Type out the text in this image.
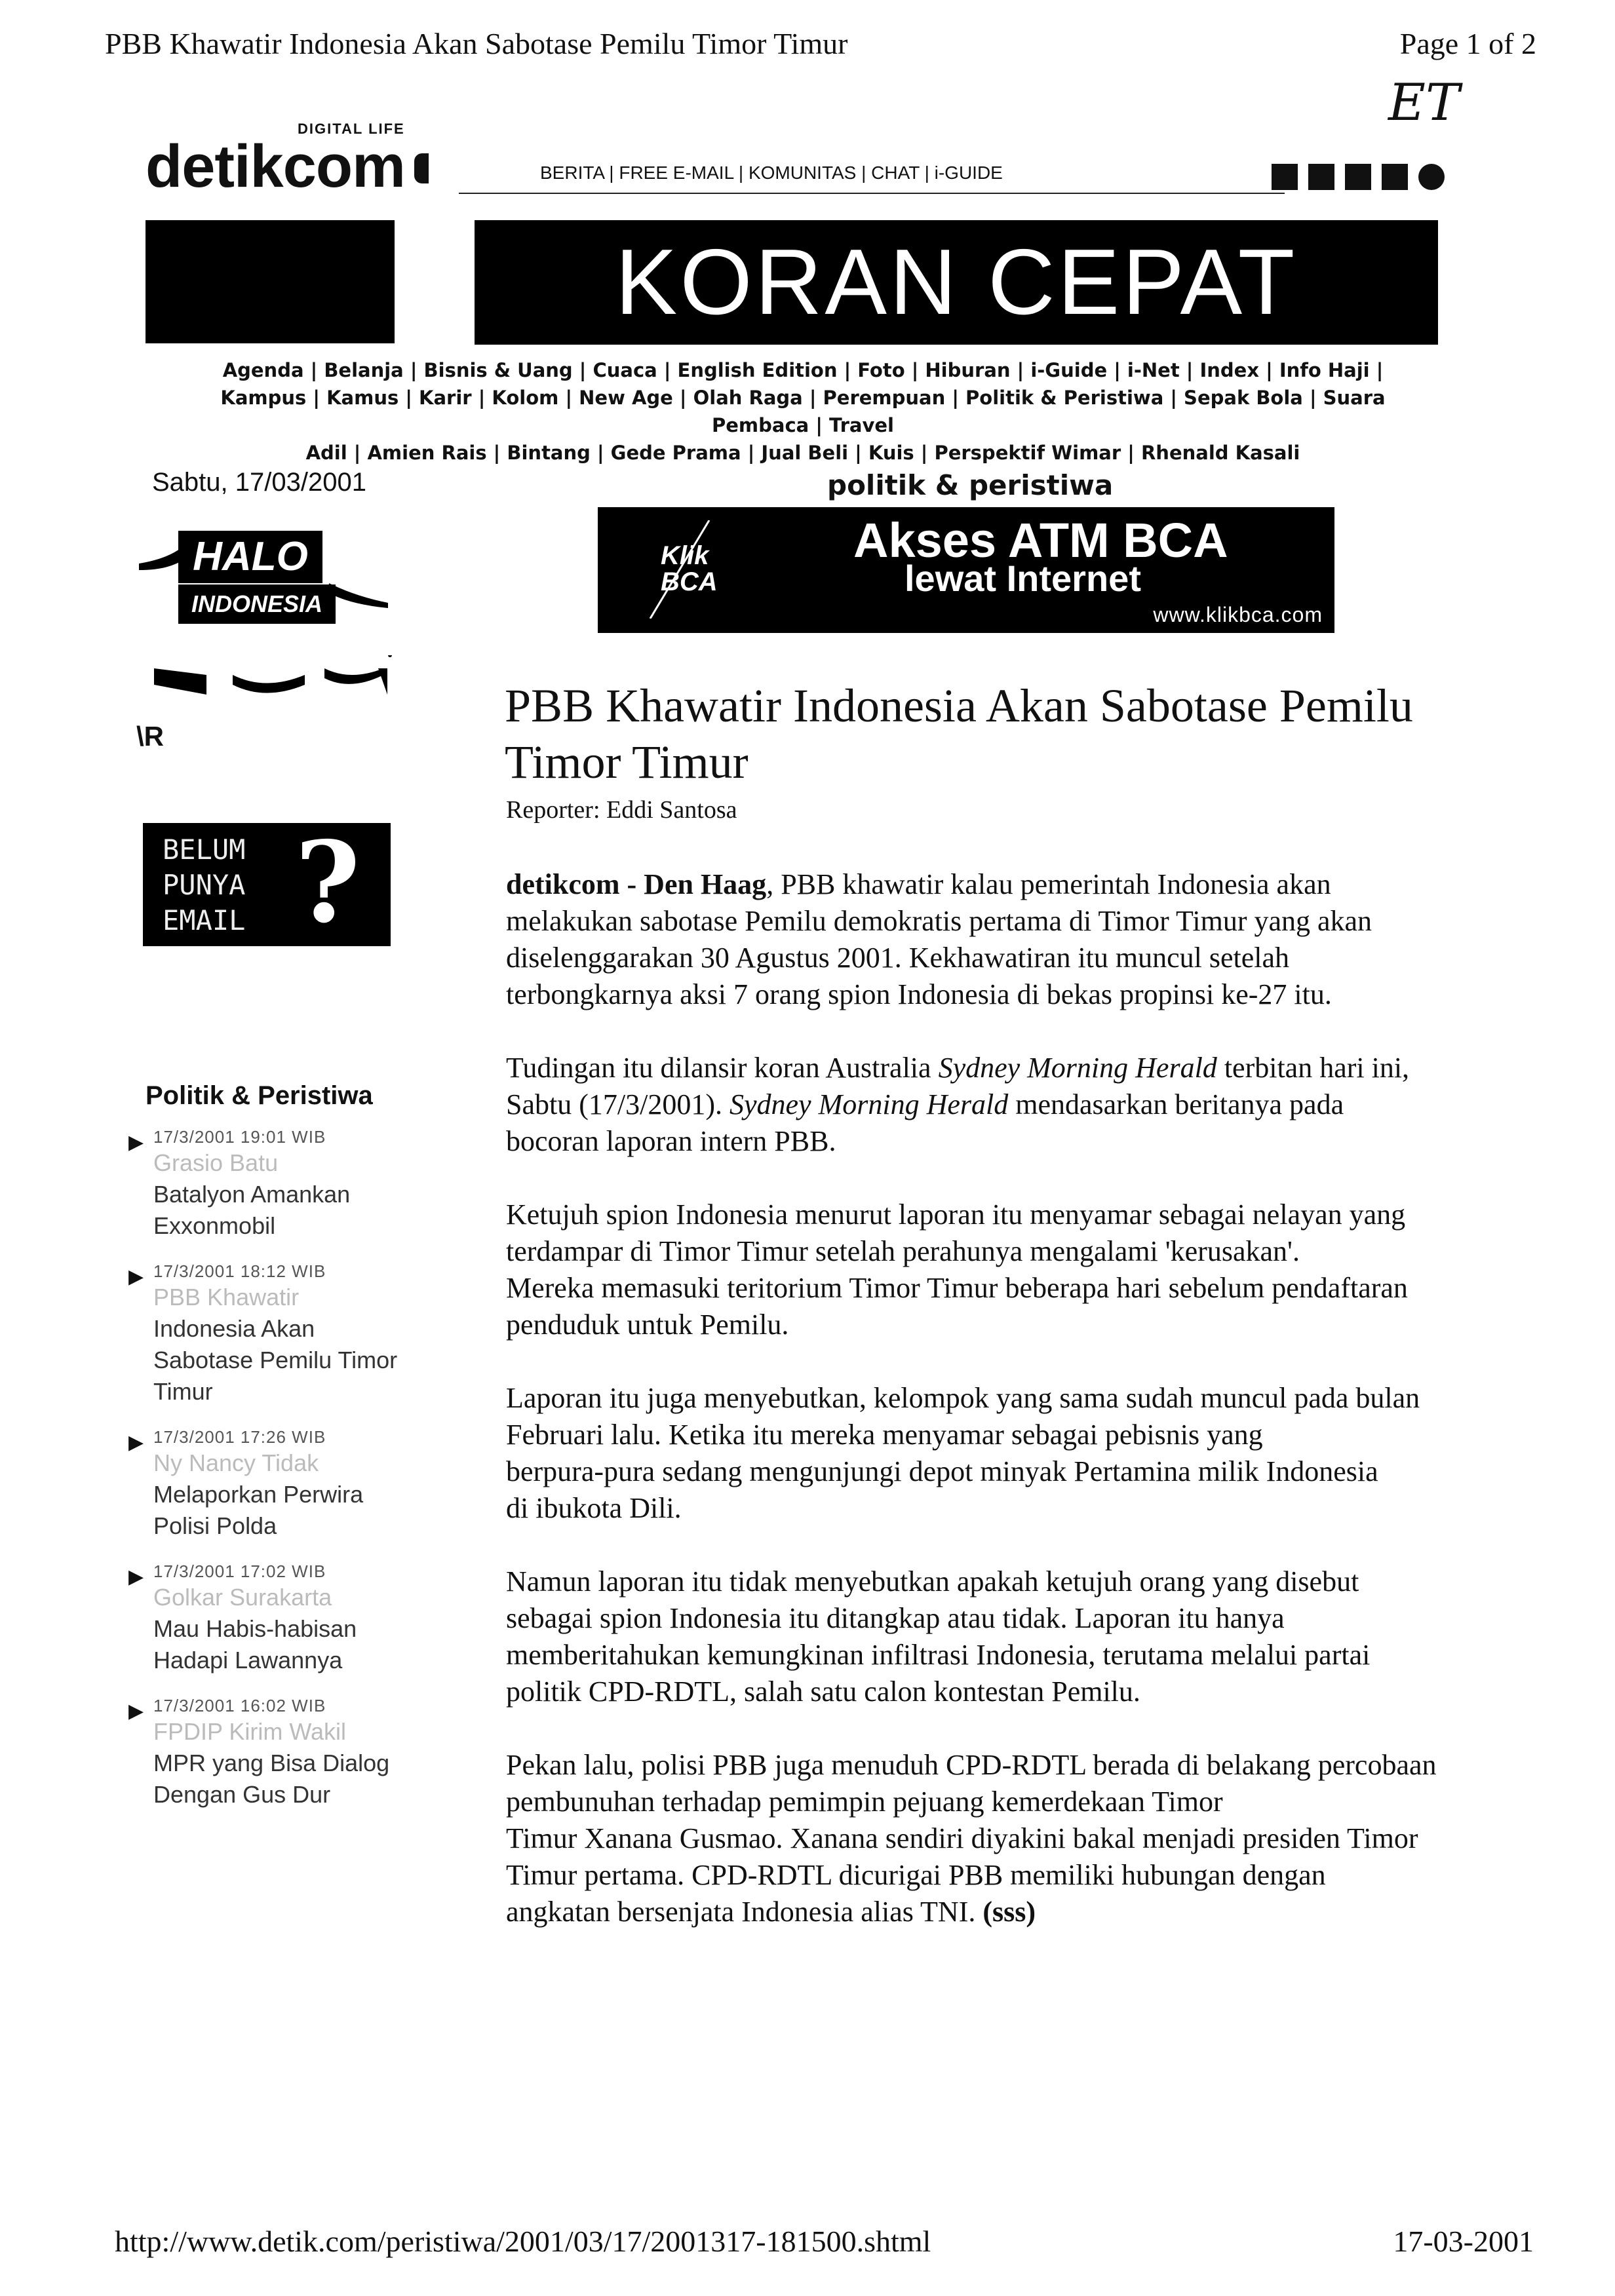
PBB Khawatir Indonesia Akan Sabotase Pemilu Timor Timur	Page 1 of 2
ET
DIGITAL LIFE
detikcom	BERITA | FREE E-MAIL | KOMUNITAS | CHAT | i-GUIDE
KORAN CEPAT
Agenda | Belanja | Bisnis & Uang | Cuaca | English Edition | Foto | Hiburan | i-Guide | i-Net | Index | Info Haji |
Kampus | Kamus | Karir | Kolom | New Age | Olah Raga | Perempuan | Politik & Peristiwa | Sepak Bola | Suara
Pembaca | Travel
Adil | Amien Rais | Bintang | Gede Prama | Jual Beli | Kuis | Perspektif Wimar | Rhenald Kasali
Sabtu, 17/03/2001	politik & peristiwa
HALO
INDONESIA
\R
BELUM
PUNYA
EMAIL ?
Klik
BCA
Akses ATM BCA
lewat Internet
www.klikbca.com
PBB Khawatir Indonesia Akan Sabotase Pemilu Timor Timur
Reporter: Eddi Santosa

detikcom - Den Haag, PBB khawatir kalau pemerintah Indonesia akan melakukan sabotase Pemilu demokratis pertama di Timor Timur yang akan diselenggarakan 30 Agustus 2001. Kekhawatiran itu muncul setelah terbongkarnya aksi 7 orang spion Indonesia di bekas propinsi ke-27 itu.

Tudingan itu dilansir koran Australia Sydney Morning Herald terbitan hari ini, Sabtu (17/3/2001). Sydney Morning Herald mendasarkan beritanya pada bocoran laporan intern PBB.

Ketujuh spion Indonesia menurut laporan itu menyamar sebagai nelayan yang terdampar di Timor Timur setelah perahunya mengalami 'kerusakan'.
Mereka memasuki teritorium Timor Timur beberapa hari sebelum pendaftaran penduduk untuk Pemilu.

Laporan itu juga menyebutkan, kelompok yang sama sudah muncul pada bulan Februari lalu. Ketika itu mereka menyamar sebagai pebisnis yang
berpura-pura sedang mengunjungi depot minyak Pertamina milik Indonesia
di ibukota Dili.

Namun laporan itu tidak menyebutkan apakah ketujuh orang yang disebut sebagai spion Indonesia itu ditangkap atau tidak. Laporan itu hanya memberitahukan kemungkinan infiltrasi Indonesia, terutama melalui partai politik CPD-RDTL, salah satu calon kontestan Pemilu.

Pekan lalu, polisi PBB juga menuduh CPD-RDTL berada di belakang percobaan pembunuhan terhadap pemimpin pejuang kemerdekaan Timor
Timur Xanana Gusmao. Xanana sendiri diyakini bakal menjadi presiden Timor Timur pertama. CPD-RDTL dicurigai PBB memiliki hubungan dengan angkatan bersenjata Indonesia alias TNI. (sss)

Politik & Peristiwa
▶ 17/3/2001 19:01 WIB
Grasio Batu
Batalyon Amankan Exxonmobil
▶ 17/3/2001 18:12 WIB
PBB Khawatir
Indonesia Akan Sabotase Pemilu Timor Timur
▶ 17/3/2001 17:26 WIB
Ny Nancy Tidak
Melaporkan Perwira Polisi Polda
▶ 17/3/2001 17:02 WIB
Golkar Surakarta
Mau Habis-habisan Hadapi Lawannya
▶ 17/3/2001 16:02 WIB
FPDIP Kirim Wakil
MPR yang Bisa Dialog Dengan Gus Dur
http://www.detik.com/peristiwa/2001/03/17/2001317-181500.shtml	17-03-2001
